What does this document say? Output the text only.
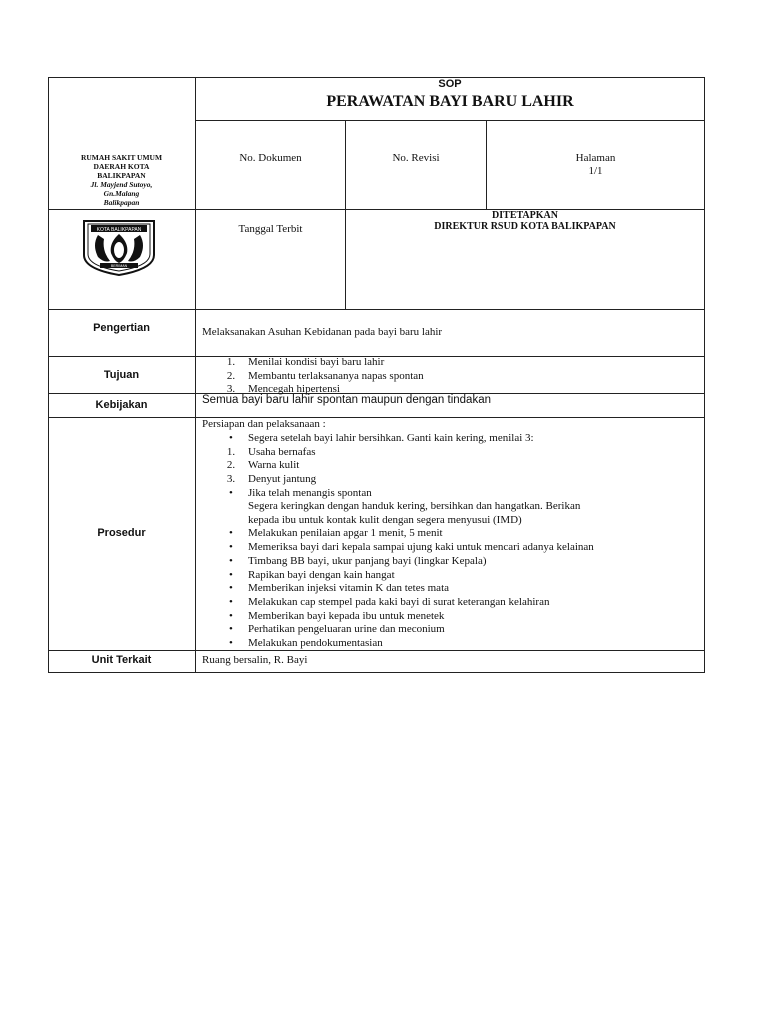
SOP
PERAWATAN BAYI BARU LAHIR
RUMAH SAKIT UMUM
DAERAH KOTA
BALIKPAPAN
Jl. Mayjend Sutoyo,
Gn.Malang
Balikpapan
KOTA BALIKPAPAN
BERIMAN
No. Dokumen	No. Revisi	Halaman
1/1
Tanggal Terbit
DITETAPKAN
DIREKTUR RSUD KOTA BALIKPAPAN
Pengertian	Melaksanakan Asuhan Kebidanan pada bayi baru lahir
Tujuan
1.	Menilai kondisi bayi baru lahir
2.	Membantu terlaksananya napas spontan
3.	Mencegah hipertensi
Kebijakan	Semua bayi baru lahir spontan maupun dengan tindakan
Prosedur
Persiapan dan pelaksanaan :
• Segera setelah bayi lahir bersihkan. Ganti kain kering, menilai 3:
1.	Usaha bernafas
2.	Warna kulit
3.	Denyut jantung
• Jika telah menangis spontan
Segera keringkan dengan handuk kering, bersihkan dan hangatkan. Berikan
kepada ibu untuk kontak kulit dengan segera menyusui (IMD)
• Melakukan penilaian apgar 1 menit, 5 menit
• Memeriksa bayi dari kepala sampai ujung kaki untuk mencari adanya kelainan
• Timbang BB bayi, ukur panjang bayi (lingkar Kepala)
• Rapikan bayi dengan kain hangat
• Memberikan injeksi vitamin K dan tetes mata
• Melakukan cap stempel pada kaki bayi di surat keterangan kelahiran
• Memberikan bayi kepada ibu untuk menetek
• Perhatikan pengeluaran urine dan meconium
• Melakukan pendokumentasian
Unit Terkait	Ruang bersalin, R. Bayi
